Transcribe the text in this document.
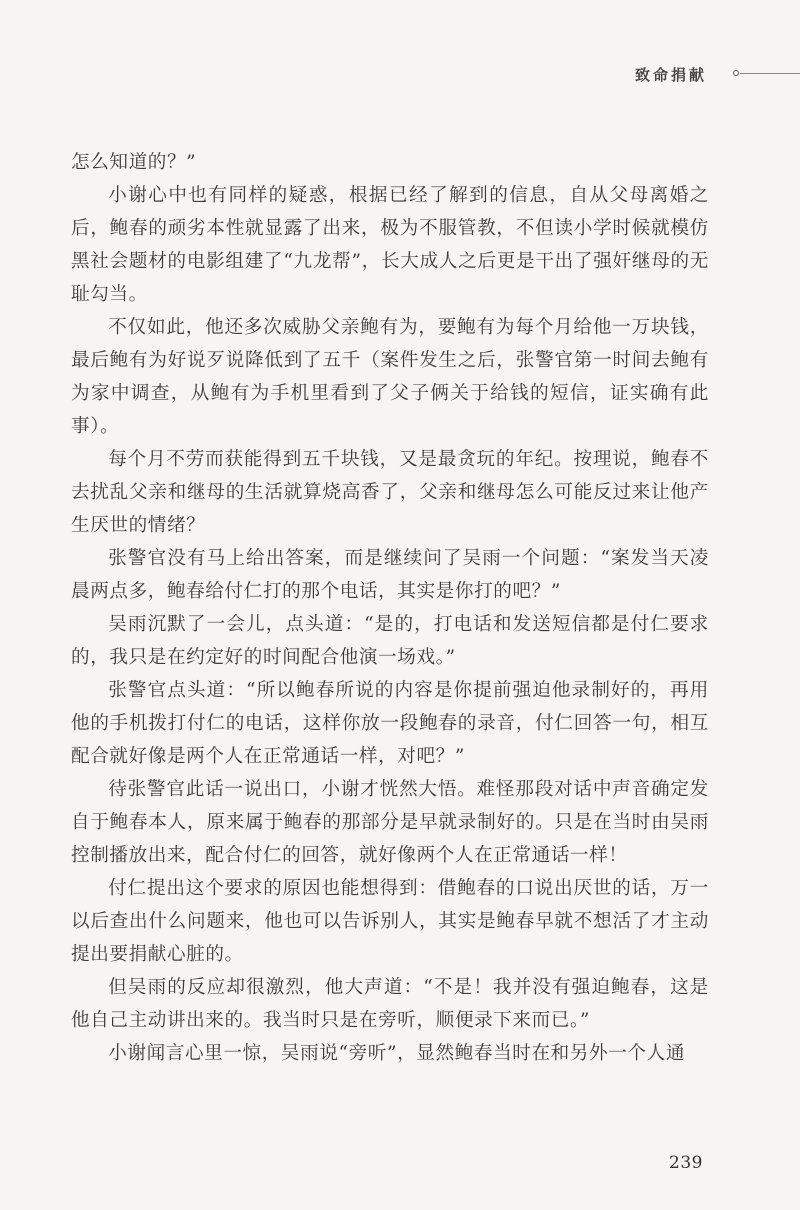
致命捐献

怎么知道的？”

小谢心中也有同样的疑惑，根据已经了解到的信息，自从父母离婚之后，鲍春的顽劣本性就显露了出来，极为不服管教，不但读小学时候就模仿黑社会题材的电影组建了“九龙帮”，长大成人之后更是干出了强奸继母的无耻勾当。

不仅如此，他还多次威胁父亲鲍有为，要鲍有为每个月给他一万块钱，最后鲍有为好说歹说降低到了五千（案件发生之后，张警官第一时间去鲍有为家中调查，从鲍有为手机里看到了父子俩关于给钱的短信，证实确有此事）。

每个月不劳而获能得到五千块钱，又是最贪玩的年纪。按理说，鲍春不去扰乱父亲和继母的生活就算烧高香了，父亲和继母怎么可能反过来让他产生厌世的情绪？

张警官没有马上给出答案，而是继续问了吴雨一个问题：“案发当天凌晨两点多，鲍春给付仁打的那个电话，其实是你打的吧？”

吴雨沉默了一会儿，点头道：“是的，打电话和发送短信都是付仁要求的，我只是在约定好的时间配合他演一场戏。”

张警官点头道：“所以鲍春所说的内容是你提前强迫他录制好的，再用他的手机拨打付仁的电话，这样你放一段鲍春的录音，付仁回答一句，相互配合就好像是两个人在正常通话一样，对吧？”

待张警官此话一说出口，小谢才恍然大悟。难怪那段对话中声音确定发自于鲍春本人，原来属于鲍春的那部分是早就录制好的。只是在当时由吴雨控制播放出来，配合付仁的回答，就好像两个人在正常通话一样！

付仁提出这个要求的原因也能想得到：借鲍春的口说出厌世的话，万一以后查出什么问题来，他也可以告诉别人，其实是鲍春早就不想活了才主动提出要捐献心脏的。

但吴雨的反应却很激烈，他大声道：“不是！我并没有强迫鲍春，这是他自己主动讲出来的。我当时只是在旁听，顺便录下来而已。”

小谢闻言心里一惊，吴雨说“旁听”，显然鲍春当时在和另外一个人通

239
